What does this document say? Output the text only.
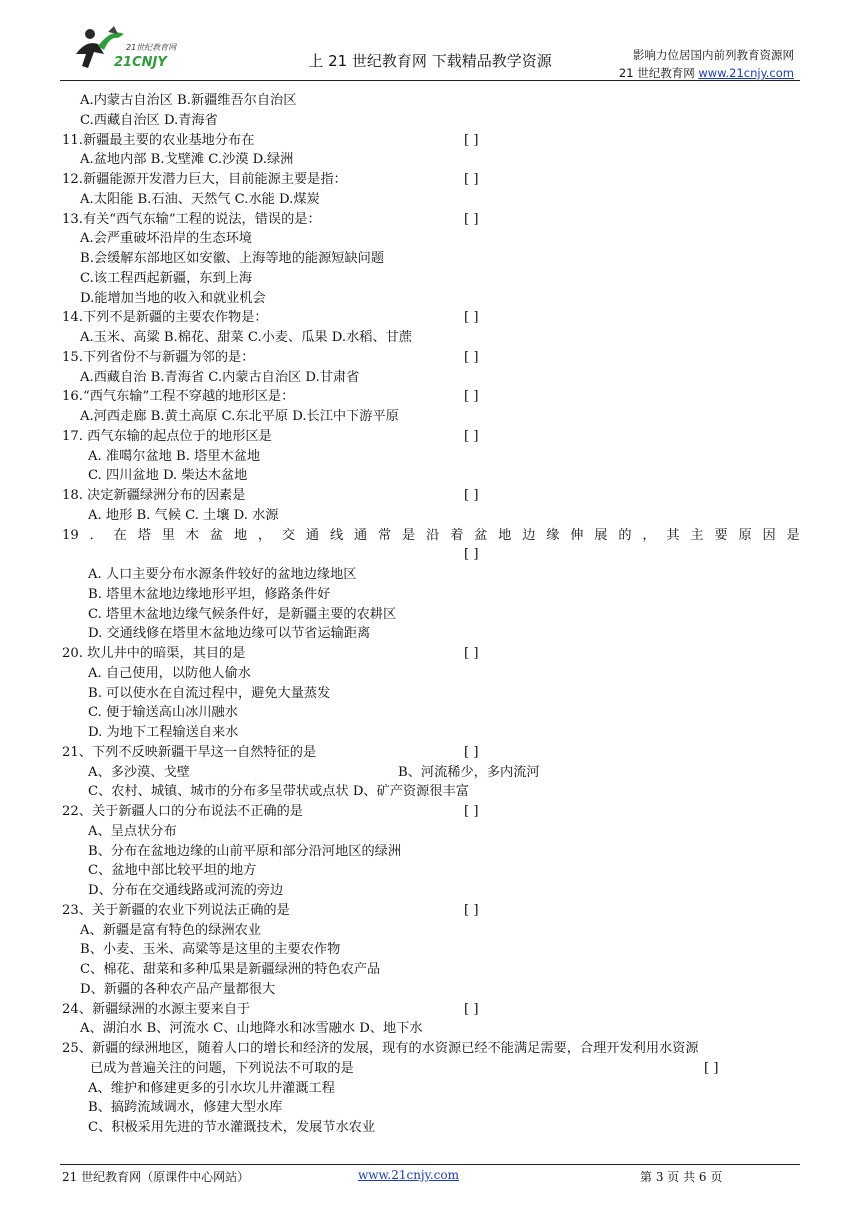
21世纪教育网
21CNJY	上 21 世纪教育网 下载精品教学资源	影响力位居国内前列教育资源网
21 世纪教育网 www.21cnjy.com
A.内蒙古自治区 B.新疆维吾尔自治区
C.西藏自治区 D.青海省
11.新疆最主要的农业基地分布在	[ ]
A.盆地内部 B.戈壁滩 C.沙漠 D.绿洲
12.新疆能源开发潜力巨大，目前能源主要是指：	[ ]
A.太阳能 B.石油、天然气 C.水能 D.煤炭
13.有关“西气东输”工程的说法，错误的是：	[ ]
A.会严重破坏沿岸的生态环境
B.会缓解东部地区如安徽、上海等地的能源短缺问题
C.该工程西起新疆，东到上海
D.能增加当地的收入和就业机会
14.下列不是新疆的主要农作物是：	[ ]
A.玉米、高粱 B.棉花、甜菜 C.小麦、瓜果 D.水稻、甘蔗
15.下列省份不与新疆为邻的是：	[ ]
A.西藏自治 B.青海省 C.内蒙古自治区 D.甘肃省
16.“西气东输”工程不穿越的地形区是：	[ ]
A.河西走廊 B.黄土高原 C.东北平原 D.长江中下游平原
17. 西气东输的起点位于的地形区是	[ ]
A. 准噶尔盆地 B. 塔里木盆地
C. 四川盆地 D. 柴达木盆地
18. 决定新疆绿洲分布的因素是	[ ]
A. 地形 B. 气候 C. 土壤 D. 水源
19 ． 在 塔 里 木 盆 地 ， 交 通 线 通 常 是 沿 着 盆 地 边 缘 伸 展 的 ， 其 主 要 原 因 是
[ ]
A. 人口主要分布水源条件较好的盆地边缘地区
B. 塔里木盆地边缘地形平坦，修路条件好
C. 塔里木盆地边缘气候条件好，是新疆主要的农耕区
D. 交通线修在塔里木盆地边缘可以节省运输距离
20. 坎儿井中的暗渠，其目的是	[ ]
A. 自己使用，以防他人偷水
B. 可以使水在自流过程中，避免大量蒸发
C. 便于输送高山冰川融水
D. 为地下工程输送自来水
21、下列不反映新疆干旱这一自然特征的是	[ ]
A、多沙漠、戈壁	B、河流稀少，多内流河
C、农村、城镇、城市的分布多呈带状或点状 D、矿产资源很丰富
22、关于新疆人口的分布说法不正确的是	[ ]
A、呈点状分布
B、分布在盆地边缘的山前平原和部分沿河地区的绿洲
C、盆地中部比较平坦的地方
D、分布在交通线路或河流的旁边
23、关于新疆的农业下列说法正确的是	[ ]
A、新疆是富有特色的绿洲农业
B、小麦、玉米、高粱等是这里的主要农作物
C、棉花、甜菜和多种瓜果是新疆绿洲的特色农产品
D、新疆的各种农产品产量都很大
24、新疆绿洲的水源主要来自于	[ ]
A、湖泊水 B、河流水 C、山地降水和冰雪融水 D、地下水
25、新疆的绿洲地区，随着人口的增长和经济的发展，现有的水资源已经不能满足需要，合理开发利用水资源
已成为普遍关注的问题，下列说法不可取的是	[ ]
A、维护和修建更多的引水坎儿井灌溉工程
B、搞跨流域调水，修建大型水库
C、积极采用先进的节水灌溉技术，发展节水农业
21 世纪教育网（原课件中心网站）	www.21cnjy.com	第 3 页 共 6 页
